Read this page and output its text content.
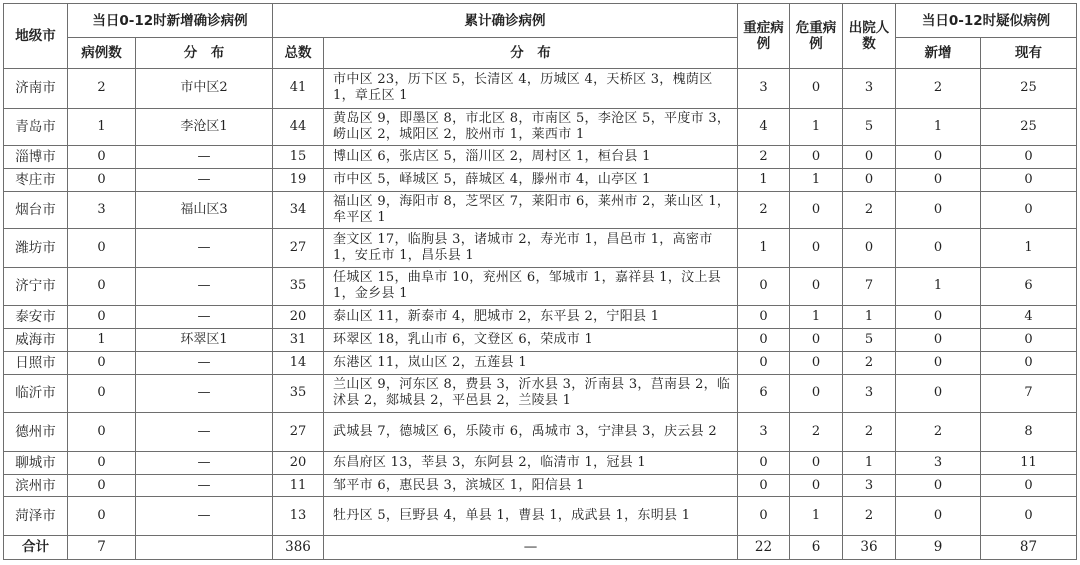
地级市	当日0-12时新增确诊病例		累计确诊病例		重症病例	危重病例	出院人数	当日0-12时疑似病例	
	病例数	分　布	总数	分　布				新增	现有
济南市	2	市中区2	41	市中区 23，历下区 5，长清区 4，历城区 4，天桥区 3，槐荫区 1，章丘区 1	3	0	3	2	25
青岛市	1	李沧区1	44	黄岛区 9，即墨区 8，市北区 8，市南区 5，李沧区 5，平度市 3，崂山区 2，城阳区 2，胶州市 1，莱西市 1	4	1	5	1	25
淄博市	0	—	15	博山区 6，张店区 5，淄川区 2，周村区 1，桓台县 1	2	0	0	0	0
枣庄市	0	—	19	市中区 5，峄城区 5，薛城区 4，滕州市 4，山亭区 1	1	1	0	0	0
烟台市	3	福山区3	34	福山区 9，海阳市 8，芝罘区 7，莱阳市 6，莱州市 2，莱山区 1，牟平区 1	2	0	2	0	0
潍坊市	0	—	27	奎文区 17，临朐县 3，诸城市 2，寿光市 1，昌邑市 1，高密市 1，安丘市 1，昌乐县 1	1	0	0	0	1
济宁市	0	—	35	任城区 15，曲阜市 10，兖州区 6，邹城市 1，嘉祥县 1，汶上县 1，金乡县 1	0	0	7	1	6
泰安市	0	—	20	泰山区 11，新泰市 4，肥城市 2，东平县 2，宁阳县 1	0	1	1	0	4
威海市	1	环翠区1	31	环翠区 18，乳山市 6，文登区 6，荣成市 1	0	0	5	0	0
日照市	0	—	14	东港区 11，岚山区 2，五莲县 1	0	0	2	0	0
临沂市	0	—	35	兰山区 9，河东区 8，费县 3，沂水县 3，沂南县 3，莒南县 2，临沭县 2，郯城县 2，平邑县 2，兰陵县 1	6	0	3	0	7
德州市	0	—	27	武城县 7，德城区 6，乐陵市 6，禹城市 3，宁津县 3，庆云县 2	3	2	2	2	8
聊城市	0	—	20	东昌府区 13，莘县 3，东阿县 2，临清市 1，冠县 1	0	0	1	3	11
滨州市	0	—	11	邹平市 6，惠民县 3，滨城区 1，阳信县 1	0	0	3	0	0
菏泽市	0	—	13	牡丹区 5，巨野县 4，单县 1，曹县 1，成武县 1，东明县 1	0	1	2	0	0
合计	7		386	—	22	6	36	9	87
